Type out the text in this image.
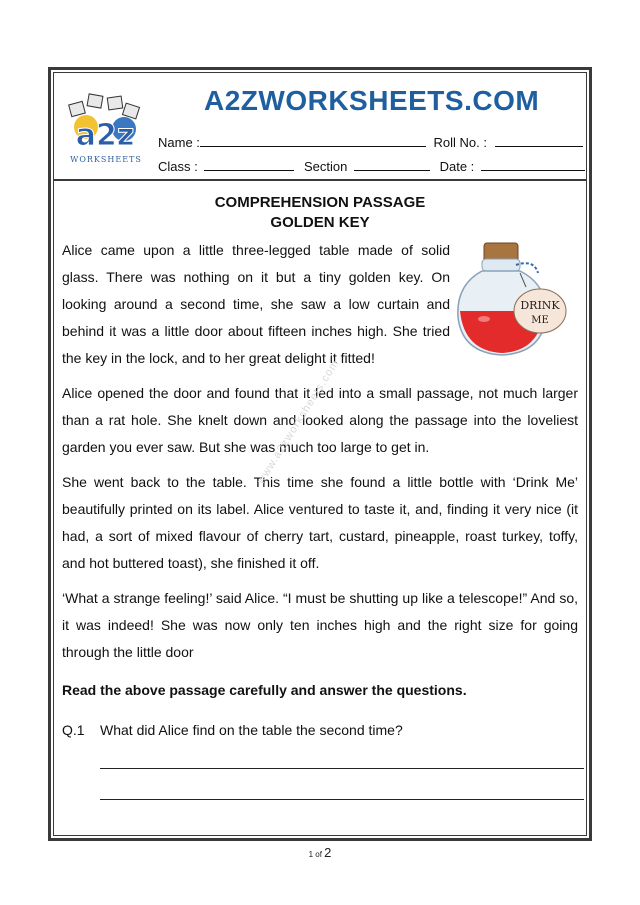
a2z
WORKSHEETS
A2ZWORKSHEETS.COM
Name :	Roll No. :
Class :	Section	Date :
COMPREHENSION PASSAGE
GOLDEN KEY
DRINK
ME

Alice came upon a little three-legged table made of solid glass. There was nothing on it but a tiny golden key. On looking around a second time, she saw a low curtain and behind it was a little door about fifteen inches high. She tried the key in the lock, and to her great delight it fitted!

Alice opened the door and found that it led into a small passage, not much larger than a rat hole. She knelt down and looked along the passage into the loveliest garden you ever saw. But she was much too large to get in.

She went back to the table. This time she found a little bottle with ‘Drink Me’ beautifully printed on its label. Alice ventured to taste it, and, finding it very nice (it had, a sort of mixed flavour of cherry tart, custard, pineapple, roast turkey, toffy, and hot buttered toast), she finished it off.

‘What a strange feeling!’ said Alice. “I must be shutting up like a telescope!” And so, it was indeed! She was now only ten inches high and the right size for going through the little door

Read the above passage carefully and answer the questions.
Q.1 What did Alice find on the table the second time?
www.a2zworksheets.com
1 of 2
